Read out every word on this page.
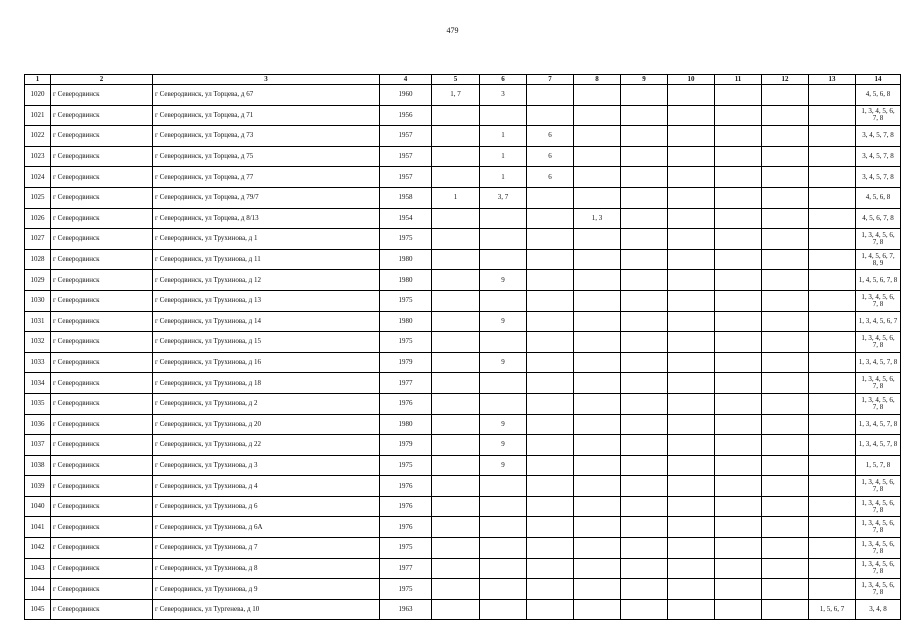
479
1	2	3	4	5	6	7	8	9	10	11	12	13	14
1020	г Северодвинск	г Северодвинск, ул Торцева, д 67	1960	1, 7	3								4, 5, 6, 8
1021	г Северодвинск	г Северодвинск, ул Торцева, д 71	1956										1, 3, 4, 5, 6, 7, 8
1022	г Северодвинск	г Северодвинск, ул Торцева, д 73	1957		1	6							3, 4, 5, 7, 8
1023	г Северодвинск	г Северодвинск, ул Торцева, д 75	1957		1	6							3, 4, 5, 7, 8
1024	г Северодвинск	г Северодвинск, ул Торцева, д 77	1957		1	6							3, 4, 5, 7, 8
1025	г Северодвинск	г Северодвинск, ул Торцева, д 79/7	1958	1	3, 7								4, 5, 6, 8
1026	г Северодвинск	г Северодвинск, ул Торцева, д 8/13	1954				1, 3						4, 5, 6, 7, 8
1027	г Северодвинск	г Северодвинск, ул Трухинова, д 1	1975										1, 3, 4, 5, 6, 7, 8
1028	г Северодвинск	г Северодвинск, ул Трухинова, д 11	1980										1, 4, 5, 6, 7, 8, 9
1029	г Северодвинск	г Северодвинск, ул Трухинова, д 12	1980		9								1, 4, 5, 6, 7, 8
1030	г Северодвинск	г Северодвинск, ул Трухинова, д 13	1975										1, 3, 4, 5, 6, 7, 8
1031	г Северодвинск	г Северодвинск, ул Трухинова, д 14	1980		9								1, 3, 4, 5, 6, 7
1032	г Северодвинск	г Северодвинск, ул Трухинова, д 15	1975										1, 3, 4, 5, 6, 7, 8
1033	г Северодвинск	г Северодвинск, ул Трухинова, д 16	1979		9								1, 3, 4, 5, 7, 8
1034	г Северодвинск	г Северодвинск, ул Трухинова, д 18	1977										1, 3, 4, 5, 6, 7, 8
1035	г Северодвинск	г Северодвинск, ул Трухинова, д 2	1976										1, 3, 4, 5, 6, 7, 8
1036	г Северодвинск	г Северодвинск, ул Трухинова, д 20	1980		9								1, 3, 4, 5, 7, 8
1037	г Северодвинск	г Северодвинск, ул Трухинова, д 22	1979		9								1, 3, 4, 5, 7, 8
1038	г Северодвинск	г Северодвинск, ул Трухинова, д 3	1975		9								1, 5, 7, 8
1039	г Северодвинск	г Северодвинск, ул Трухинова, д 4	1976										1, 3, 4, 5, 6, 7, 8
1040	г Северодвинск	г Северодвинск, ул Трухинова, д 6	1976										1, 3, 4, 5, 6, 7, 8
1041	г Северодвинск	г Северодвинск, ул Трухинова, д 6А	1976										1, 3, 4, 5, 6, 7, 8
1042	г Северодвинск	г Северодвинск, ул Трухинова, д 7	1975										1, 3, 4, 5, 6, 7, 8
1043	г Северодвинск	г Северодвинск, ул Трухинова, д 8	1977										1, 3, 4, 5, 6, 7, 8
1044	г Северодвинск	г Северодвинск, ул Трухинова, д 9	1975										1, 3, 4, 5, 6, 7, 8
1045	г Северодвинск	г Северодвинск, ул Тургенева, д 10	1963									1, 5, 6, 7	3, 4, 8
